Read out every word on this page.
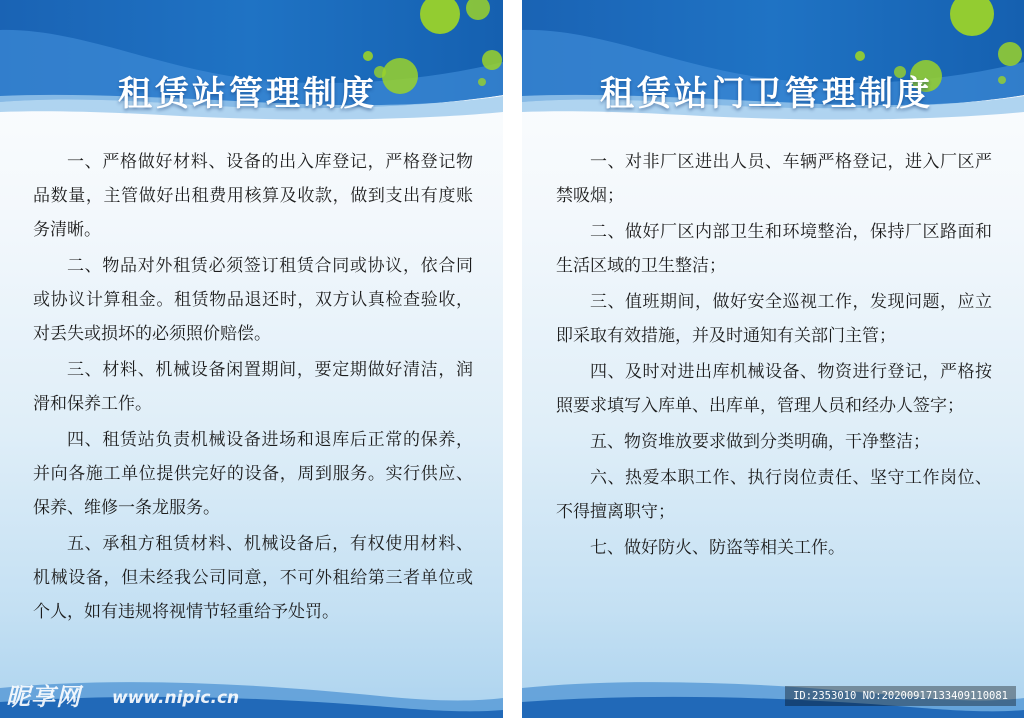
租赁站管理制度

一、严格做好材料、设备的出入库登记，严格登记物品数量，主管做好出租费用核算及收款，做到支出有度账务清晰。

二、物品对外租赁必须签订租赁合同或协议，依合同或协议计算租金。租赁物品退还时，双方认真检查验收，对丢失或损坏的必须照价赔偿。

三、材料、机械设备闲置期间，要定期做好清洁，润滑和保养工作。

四、租赁站负责机械设备进场和退库后正常的保养，并向各施工单位提供完好的设备，周到服务。实行供应、保养、维修一条龙服务。

五、承租方租赁材料、机械设备后，有权使用材料、机械设备，但未经我公司同意，不可外租给第三者单位或个人，如有违规将视情节轻重给予处罚。

昵享网 www.nipic.cn
租赁站门卫管理制度

一、对非厂区进出人员、车辆严格登记，进入厂区严禁吸烟；

二、做好厂区内部卫生和环境整治，保持厂区路面和生活区域的卫生整洁；

三、值班期间，做好安全巡视工作，发现问题，应立即采取有效措施，并及时通知有关部门主管；

四、及时对进出库机械设备、物资进行登记，严格按照要求填写入库单、出库单，管理人员和经办人签字；

五、物资堆放要求做到分类明确，干净整洁；

六、热爱本职工作、执行岗位责任、坚守工作岗位、不得擅离职守；

七、做好防火、防盗等相关工作。

ID:2353010 NO:20200917133409110081
